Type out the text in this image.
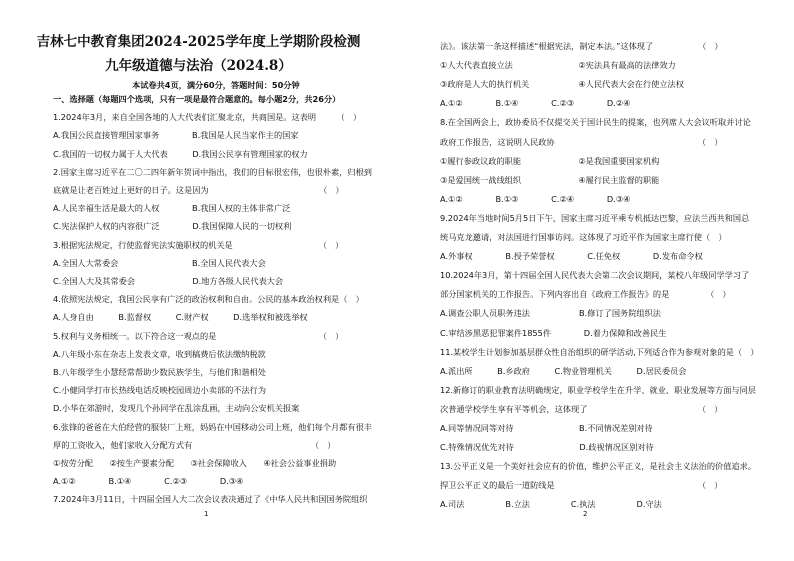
吉林七中教育集团2024-2025学年度上学期阶段检测
九年级道德与法治（2024.8）
本试卷共4页，满分60分，答题时间：50分钟
一、选择题（每题四个选项，只有一项是最符合题意的。每小题2分，共26分）
1.2024年3月，来自全国各地的人大代表们汇聚北京，共商国是。这表明　　　（　）
A.我国公民直接管理国家事务　　　　B.我国是人民当家作主的国家
C.我国的一切权力属于人大代表　　　D.我国公民享有管理国家的权力
2.国家主席习近平在二〇二四年新年贺词中指出，我们的目标很宏伟，也很朴素，归根到
底就是让老百姓过上更好的日子。这是因为　　　　　　　　　　　　　　（　）
A.人民幸福生活是最大的人权　　　　B.我国人权的主体非常广泛
C.宪法保护人权的内容很广泛　　　　D.我国保障人民的一切权利
3.根据宪法规定，行使监督宪法实施职权的机关是　　　　　　　　　　　（　）
A.全国人大常委会　　　　　　　　　B.全国人民代表大会
C.全国人大及其常委会　　　　　　　D.地方各级人民代表大会
4.依照宪法规定，我国公民享有广泛的政治权利和自由。公民的基本政治权利是（　）
A.人身自由　　　B.监督权　　　C.财产权　　　D.选举权和被选举权
5.权利与义务相统一。以下符合这一观点的是　　　　　　　　　　　　　（　）
A.八年级小东在杂志上发表文章，收到稿费后依法缴纳税款
B.八年级学生小慧经常帮助少数民族学生，与他们和谐相处
C.小健同学打市长热线电话反映校园周边小卖部的不法行为
D.小华在郊游时，发现几个孙同学在乱涂乱画，主动向公安机关报案
6.张锋的爸爸在大伯经营的服装厂上班，妈妈在中国移动公司上班，他们每个月都有很丰
厚的工资收入，他们家收入分配方式有　　　　　　　　　　　　　　　（　）
①按劳分配　　②按生产要素分配　　③社会保障收入　　④社会公益事业捐助
A.①②　　　　B.①④　　　　C.②③　　　　D.③④
7.2024年3月11日，十四届全国人大二次会议表决通过了《中华人民共和国国务院组织
1
法》。该法第一条这样描述“根据宪法，制定本法。”这体现了　　　　　　（　）
①人大代表直接立法　　　　　　　　②宪法具有最高的法律效力
③政府是人大的执行机关　　　　　　④人民代表大会在行使立法权
A.①②　　　　B.①④　　　　C.②③　　　　D.②④
8.在全国两会上，政协委员不仅提交关于国计民生的提案，也列席人大会议听取并讨论
政府工作报告，这说明人民政协　　　　　　　　　　　　　　　　　　（　）
①履行参政议政的职能　　　　　　　②是我国重要国家机构
③是爱国统一战线组织　　　　　　　④履行民主监督的职能
A.①②　　　　B.①③　　　　C.②④　　　　D.③④
9.2024年当地时间5月5日下午，国家主席习近平乘专机抵达巴黎，应法兰西共和国总
统马克龙邀请，对法国进行国事访问。这体现了习近平作为国家主席行使（　）
A.外事权　　　　B.授予荣誉权　　　　C.任免权　　　　D.发布命令权
10.2024年3月，第十四届全国人民代表大会第二次会议期间，某校八年级同学学习了
部分国家机关的工作报告。下列内容出自《政府工作报告》的是　　　　　（　）
A.调查公职人员职务违法　　　　　　B.修订了国务院组织法
C.审结涉黑恶犯罪案件1855件　　　　D.着力保障和改善民生
11.某校学生计划参加基层群众性自治组织的研学活动,下列适合作为参观对象的是（　）
A.派出所　　　B.乡政府　　　C.物业管理机关　　　D.居民委员会
12.新修订的职业教育法明确规定，职业学校学生在升学、就业、职业发展等方面与同层
次普通学校学生享有平等机会，这体现了　　　　　　　　　　　　　　（　）
A.同等情况同等对待　　　　　　　　B.不同情况差别对待
C.特殊情况优先对待　　　　　　　　D.歧视情况区别对待
13.公平正义是一个美好社会应有的价值，维护公平正义，是社会主义法治的价值追求。
捍卫公平正义的最后一道防线是　　　　　　　　　　　　　　　　　　（　）
A.司法　　　　　B.立法　　　　　C.执法　　　　　D.守法
2
